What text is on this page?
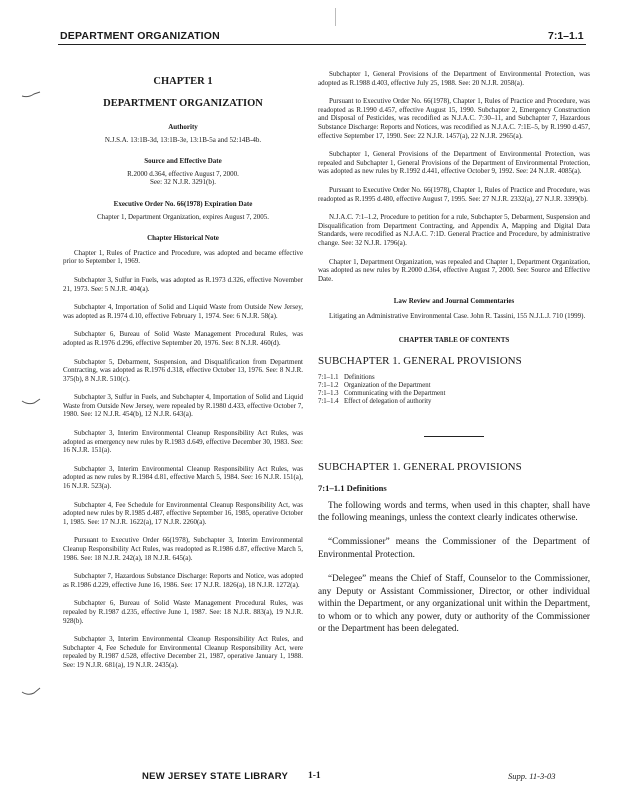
DEPARTMENT ORGANIZATION	7:1–1.1
CHAPTER 1
DEPARTMENT ORGANIZATION
Authority
N.J.S.A. 13:1B-3d, 13:1B-3e, 13:1B-5a and 52:14B-4b.
Source and Effective Date
R.2000 d.364, effective August 7, 2000.
See: 32 N.J.R. 3291(b).
Executive Order No. 66(1978) Expiration Date
Chapter 1, Department Organization, expires August 7, 2005.
Chapter Historical Note

Chapter 1, Rules of Practice and Procedure, was adopted and became effective prior to September 1, 1969.

Subchapter 3, Sulfur in Fuels, was adopted as R.1973 d.326, effective November 21, 1973. See: 5 N.J.R. 404(a).

Subchapter 4, Importation of Solid and Liquid Waste from Outside New Jersey, was adopted as R.1974 d.10, effective February 1, 1974. See: 6 N.J.R. 58(a).

Subchapter 6, Bureau of Solid Waste Management Procedural Rules, was adopted as R.1976 d.296, effective September 20, 1976. See: 8 N.J.R. 460(d).

Subchapter 5, Debarment, Suspension, and Disqualification from Department Contracting, was adopted as R.1976 d.318, effective October 13, 1976. See: 8 N.J.R. 375(b), 8 N.J.R. 510(c).

Subchapter 3, Sulfur in Fuels, and Subchapter 4, Importation of Solid and Liquid Waste from Outside New Jersey, were repealed by R.1980 d.433, effective October 7, 1980. See: 12 N.J.R. 454(b), 12 N.J.R. 643(a).

Subchapter 3, Interim Environmental Cleanup Responsibility Act Rules, was adopted as emergency new rules by R.1983 d.649, effective December 30, 1983. See: 16 N.J.R. 151(a).

Subchapter 3, Interim Environmental Cleanup Responsibility Act Rules, was adopted as new rules by R.1984 d.81, effective March 5, 1984. See: 16 N.J.R. 151(a), 16 N.J.R. 523(a).

Subchapter 4, Fee Schedule for Environmental Cleanup Responsibility Act, was adopted new rules by R.1985 d.487, effective September 16, 1985, operative October 1, 1985. See: 17 N.J.R. 1622(a), 17 N.J.R. 2260(a).

Pursuant to Executive Order 66(1978), Subchapter 3, Interim Environmental Cleanup Responsibility Act Rules, was readopted as R.1986 d.87, effective March 5, 1986. See: 18 N.J.R. 242(a), 18 N.J.R. 645(a).

Subchapter 7, Hazardous Substance Discharge: Reports and Notice, was adopted as R.1986 d.229, effective June 16, 1986. See: 17 N.J.R. 1826(a), 18 N.J.R. 1272(a).

Subchapter 6, Bureau of Solid Waste Management Procedural Rules, was repealed by R.1987 d.235, effective June 1, 1987. See: 18 N.J.R. 883(a), 19 N.J.R. 928(b).

Subchapter 3, Interim Environmental Cleanup Responsibility Act Rules, and Subchapter 4, Fee Schedule for Environmental Cleanup Responsibility Act, were repealed by R.1987 d.528, effective December 21, 1987, operative January 1, 1988. See: 19 N.J.R. 681(a), 19 N.J.R. 2435(a).

Subchapter 1, General Provisions of the Department of Environmental Protection, was adopted as R.1988 d.403, effective July 25, 1988. See: 20 N.J.R. 2058(a).

Pursuant to Executive Order No. 66(1978), Chapter 1, Rules of Practice and Procedure, was readopted as R.1990 d.457, effective August 15, 1990. Subchapter 2, Emergency Construction and Disposal of Pesticides, was recodified as N.J.A.C. 7:30–11, and Subchapter 7, Hazardous Substance Discharge: Reports and Notices, was recodified as N.J.A.C. 7:1E–5, by R.1990 d.457, effective September 17, 1990. See: 22 N.J.R. 1457(a), 22 N.J.R. 2965(a).

Subchapter 1, General Provisions of the Department of Environmental Protection, was repealed and Subchapter 1, General Provisions of the Department of Environmental Protection, was adopted as new rules by R.1992 d.441, effective October 9, 1992. See: 24 N.J.R. 4085(a).

Pursuant to Executive Order No. 66(1978), Chapter 1, Rules of Practice and Procedure, was readopted as R.1995 d.480, effective August 7, 1995. See: 27 N.J.R. 2332(a), 27 N.J.R. 3399(b).

N.J.A.C. 7:1–1.2, Procedure to petition for a rule, Subchapter 5, Debarment, Suspension and Disqualification from Department Contracting, and Appendix A, Mapping and Digital Data Standards, were recodified as N.J.A.C. 7:1D. General Practice and Procedure, by administrative change. See: 32 N.J.R. 1796(a).

Chapter 1, Department Organization, was repealed and Chapter 1, Department Organization, was adopted as new rules by R.2000 d.364, effective August 7, 2000. See: Source and Effective Date.

Law Review and Journal Commentaries

Litigating an Administrative Environmental Case. John R. Tassini, 155 N.J.L.J. 710 (1999).

CHAPTER TABLE OF CONTENTS
SUBCHAPTER 1. GENERAL PROVISIONS
7:1–1.1 Definitions
7:1–1.2 Organization of the Department
7:1–1.3 Communicating with the Department
7:1–1.4 Effect of delegation of authority
SUBCHAPTER 1. GENERAL PROVISIONS
7:1–1.1 Definitions

The following words and terms, when used in this chapter, shall have the following meanings, unless the context clearly indicates otherwise.

“Commissioner” means the Commissioner of the Department of Environmental Protection.

“Delegee” means the Chief of Staff, Counselor to the Commissioner, any Deputy or Assistant Commissioner, Director, or other individual within the Department, or any organizational unit within the Department, to whom or to which any power, duty or authority of the Commissioner or the Department has been delegated.

NEW JERSEY STATE LIBRARY 1-1	Supp. 11-3-03
